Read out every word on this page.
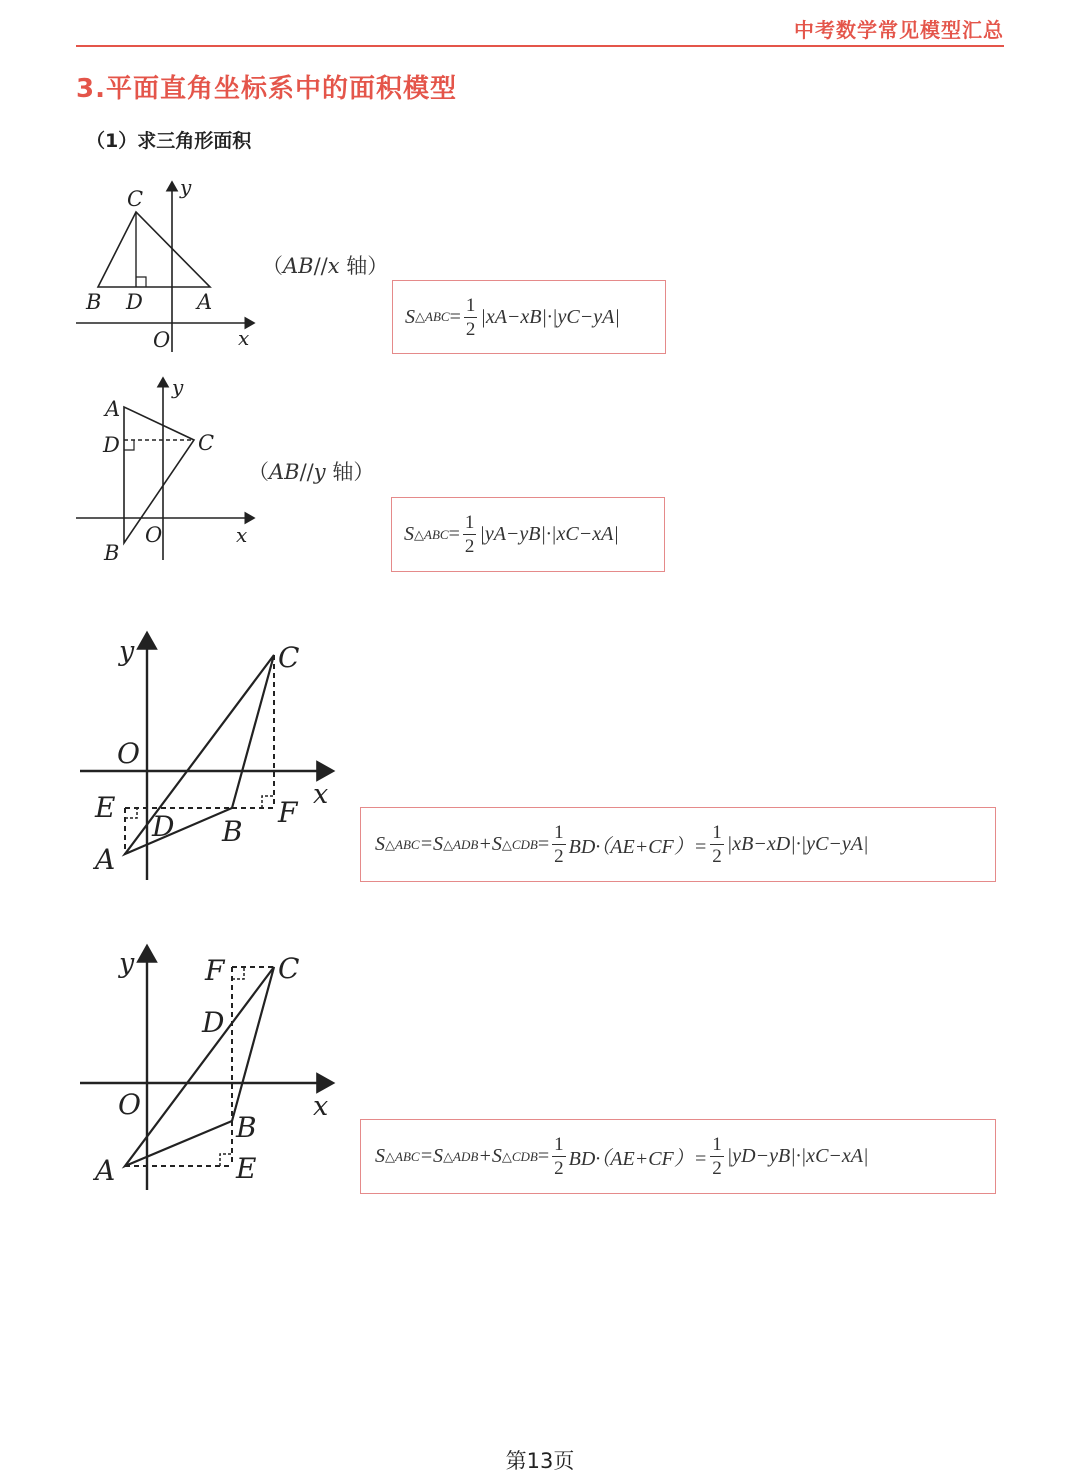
中考数学常见模型汇总
3.平面直角坐标系中的面积模型
（1）求三角形面积
C y
B D	A
O	x
（AB//x 轴）
S △ABC = $\frac{1}{2} |xA-xB|\cdot|yC-yA|$
A
y
D	C
O
B
x
（AB//y 轴）
S △ABC = $\frac{1}{2} |yA-yB|\cdot|xC-xA|$
y	C
O
x
E	F
D B
A	S △ABC =S △ADB +S △CDB = $\frac{1}{2} BD\cdot(AE+CF)= \frac{1}{2} |xB-xD|\cdot|yC-yA|$
y	F C
D
O	x
B
A	E	S △ABC =S △ADB +S △CDB = $\frac{1}{2} BD\cdot(AE+CF)= \frac{1}{2} |yD-yB|\cdot|xC-xA|$
第13页
